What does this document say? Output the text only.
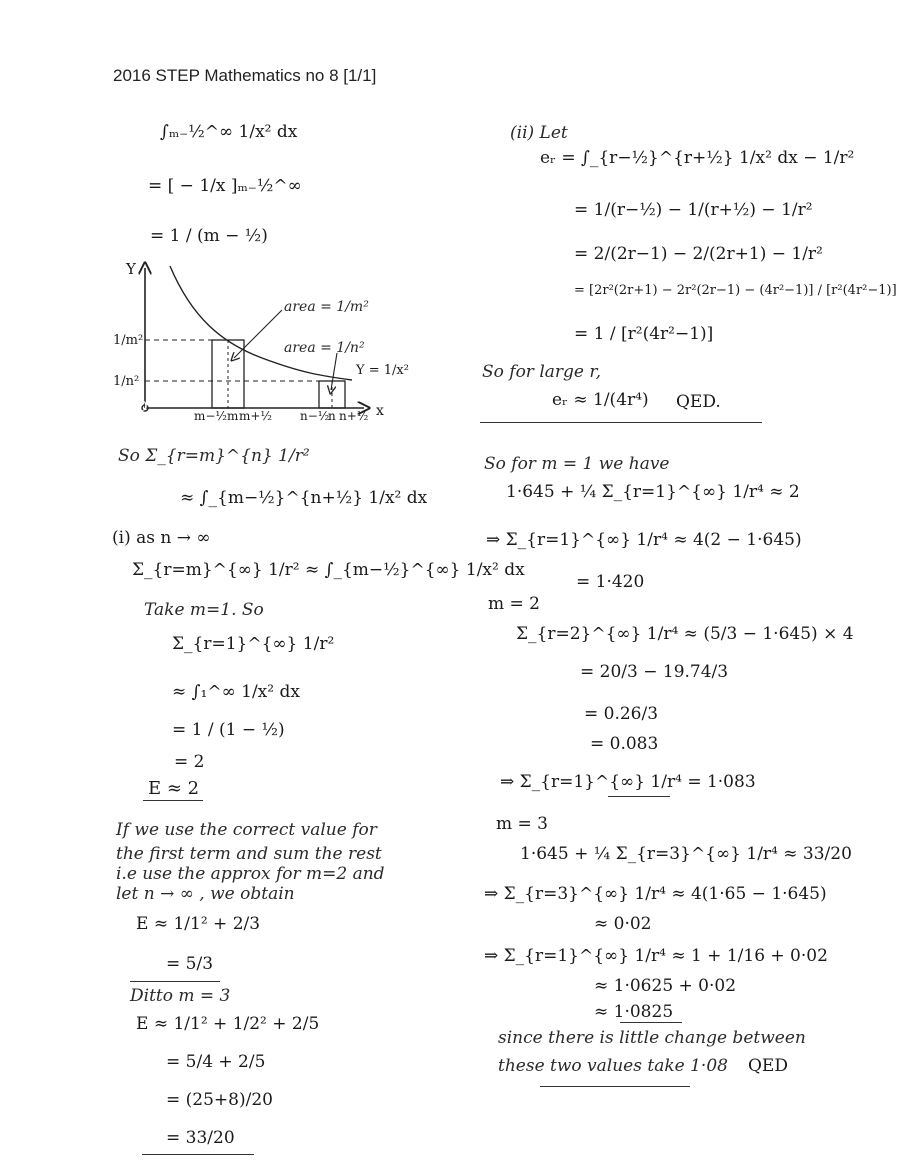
2016 STEP Mathematics no 8 [1/1]
∫ₘ₋½^∞ 1/x² dx
= [ − 1/x ]ₘ₋½^∞
= 1 / (m − ½)
Y
x
O
1/m²
1/n²
m−½ m m+½ n−½
n n+½
area = 1/m²
area = 1/n²
Y = 1/x²
So Σ_{r=m}^{n} 1/r²
≈ ∫_{m−½}^{n+½} 1/x² dx
(i) as n → ∞
Σ_{r=m}^{∞} 1/r² ≈ ∫_{m−½}^{∞} 1/x² dx
Take m=1. So
Σ_{r=1}^{∞} 1/r²
≈ ∫₁^∞ 1/x² dx
= 1 / (1 − ½)
= 2
E ≈ 2
If we use the correct value for
the first term and sum the rest
i.e use the approx for m=2 and
let n → ∞ , we obtain
E ≈ 1/1² + 2/3
= 5/3
Ditto m = 3
E ≈ 1/1² + 1/2² + 2/5
= 5/4 + 2/5
= (25+8)/20
= 33/20
(ii) Let
eᵣ = ∫_{r−½}^{r+½} 1/x² dx − 1/r²
= 1/(r−½) − 1/(r+½) − 1/r²
= 2/(2r−1) − 2/(2r+1) − 1/r²
= [2r²(2r+1) − 2r²(2r−1) − (4r²−1)] / [r²(4r²−1)]
= 1 / [r²(4r²−1)]
So for large r,
eᵣ ≈ 1/(4r⁴) QED.
So for m = 1 we have
1·645 + ¼ Σ_{r=1}^{∞} 1/r⁴ ≈ 2
⇒ Σ_{r=1}^{∞} 1/r⁴ ≈ 4(2 − 1·645)
= 1·420
m = 2
Σ_{r=2}^{∞} 1/r⁴ ≈ (5/3 − 1·645) × 4
= 20/3 − 19.74/3
= 0.26/3
= 0.083
⇒ Σ_{r=1}^{∞} 1/r⁴ = 1·083
m = 3
1·645 + ¼ Σ_{r=3}^{∞} 1/r⁴ ≈ 33/20
⇒ Σ_{r=3}^{∞} 1/r⁴ ≈ 4(1·65 − 1·645)
≈ 0·02
⇒ Σ_{r=1}^{∞} 1/r⁴ ≈ 1 + 1/16 + 0·02
≈ 1·0625 + 0·02
≈ 1·0825
since there is little change between
these two values take 1·08 QED
